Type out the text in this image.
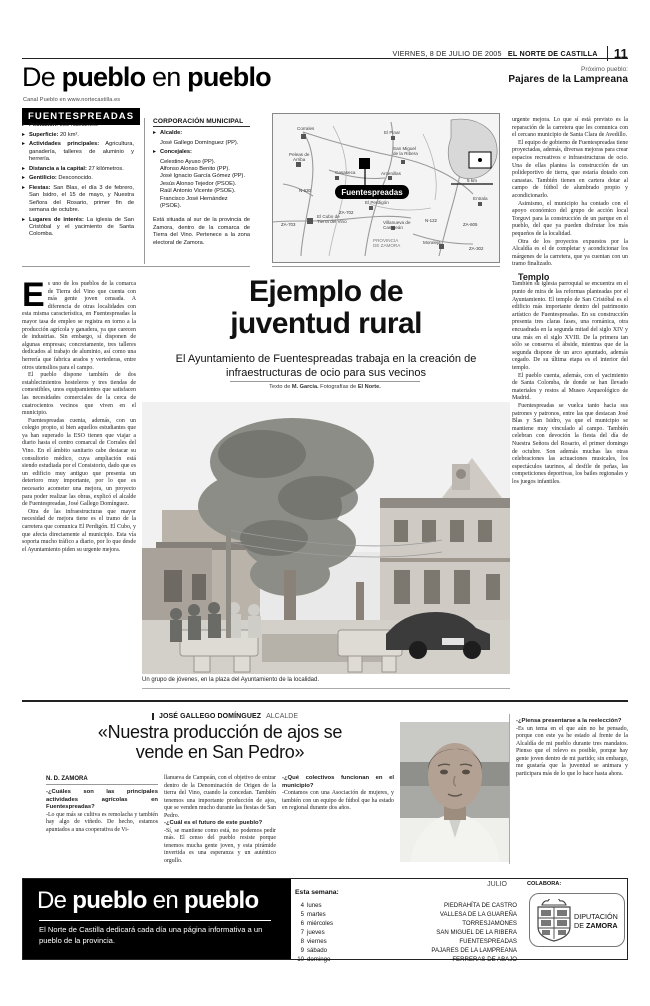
VIERNES, 8 DE JULIO DE 2005 EL NORTE DE CASTILLA 11
De pueblo en pueblo
Canal Pueblo en www.nortecastilla.es
Próximo pueblo:
Pajares de la Lampreana
FUENTESPREADAS
▸ Población: 388 habitantes.
▸ Superficie: 20 km².
▸ Actividades principales: Agricultura, ganadería, talleres de aluminio y herrería.
▸ Distancia a la capital: 27 kilómetros.
▸ Gentilicio: Desconocido.
▸ Fiestas: San Blas, el día 3 de febrero, San Isidro, el 15 de mayo, y Nuestra Señora del Rosario, primer fin de semana de octubre.
▸ Lugares de interés: La iglesia de San Cristóbal y el yacimiento de Santa Colomba.
CORPORACIÓN MUNICIPAL
▸ Alcalde:
José Gallego Domínguez (PP).
▸ Concejales:
Celestino Ayuso (PP).
Alfonso Alonso Benito (PP).
José Ignacio García Gómez (PP).
Jesús Alonso Tejedor (PSOE).
Raúl Antonio Vicente (PSOE).
Francisco José Hernández (PSOE).
Está situada al sur de la provincia de Zamora, dentro de la comarca de Tierra del Vino. Pertenece a la zona electoral de Zamora.
Fuentespreadas
Corrales
Peleas de
Arriba
El Pinar
San Miguel
de la Ribera
Arcenillas
Casaseca
El Perdigón
Villanueva de
Campeán
El Cubo de
Tierra del Vino
Moraleja
Entrala
PROVINCIA
DE ZAMORA
N-630
ZA-702
ZA-703
N-122
ZA-605
ZA-302
5 km
Ejemplo de
juventud rural
El Ayuntamiento de Fuentespreadas trabaja en la creación de infraestructuras de ocio para sus vecinos
Texto de M. García. Fotografías de El Norte.
Un grupo de jóvenes, en la plaza del Ayuntamiento de la localidad.

Es uno de los pueblos de la comarca de Tierra del Vino que cuenta con más gente joven censada. A diferencia de otras localidades con esta misma característica, en Fuentespreadas la mayor tasa de empleo se registra en torno a la producción agrícola y ganadera, ya que carecen de industrias. Sin embargo, sí disponen de algunas empresas; concretamente, tres talleres dedicados al trabajo de aluminio, así como una herrería que fabrica arados y vertederas, entre otros utensilios para el campo.

El pueblo dispone también de dos establecimientos hosteleros y tres tiendas de comestibles, unos equipamientos que satisfacen las necesidades comerciales de la cerca de cuatrocientos vecinos que viven en el municipio.

Fuentespreadas cuenta, además, con un colegio propio, si bien aquellos estudiantes que ya han superado la ESO tienen que viajar a diario hasta el centro comarcal de Corrales del Vino. En el ámbito sanitario cabe destacar su consultorio médico, cuya ampliación está siendo estudiada por el Consistorio, dado que es un edificio muy antiguo que presenta un deterioro muy importante, por lo que es necesario acometer una mejora, un proyecto para poder realizar las obras, explicó el alcalde de Fuentespreadas, José Gallego Domínguez.

Otra de las infraestructuras que mayor necesidad de mejora tiene es el tramo de la carretera que comunica El Perdigón. El Cubo, y que afecta directamente al municipio. Esta vía soporta mucho tráfico a diario, por lo que desde el Ayuntamiento piden su urgente mejora.

urgente mejora. Lo que sí está previsto es la reparación de la carretera que les comunica con el cercano municipio de Santa Clara de Avedillo.

El equipo de gobierno de Fuentespreadas tiene proyectadas, además, diversas mejoras para crear espacios recreativos e infraestructuras de ocio. Una de ellas plantea la construcción de un polideportivo de tierra, que estaría dotado con canastas. También tienen en cartera dotar al campo de fútbol de alumbrado propio y acondicionarlo.

Asimismo, el municipio ha contado con el apoyo económico del grupo de acción local Torguvi para la construcción de un parque en el pueblo, del que ya pueden disfrutar los más pequeños de la localidad.

Otra de los proyectos expuestos por la Alcaldía es el de completar y acondicionar los márgenes de la carretera, que ya cuentan con un tramo finalizado.

Templo

También su iglesia parroquial se encuentra en el punto de mira de las reformas planteadas por el Ayuntamiento. El templo de San Cristóbal es el edificio más importante dentro del patrimonio artístico de Fuentespreadas. En su construcción presenta tres claras fases, una románica, otra encuadrada en la segunda mitad del siglo XIV y una más en el siglo XVIII. De la primera tan sólo se conserva el ábside, mientras que de la segunda dispone de un arco apuntado, además cegado. De su última etapa es el interior del templo.

El pueblo cuenta, además, con el yacimiento de Santa Colomba, de donde se han llevado materiales y restos al Museo Arqueológico de Madrid.

Fuentespreadas se vuelca tanto hacia sus patrones y patronos, entre las que destacan José Blas y San Isidro, ya que el municipio se mantiene muy vinculado al campo. También celebran con devoción la fiesta del día de Nuestra Señora del Rosario, el primer domingo de octubre. Son además muchas las otras celebraciones las actuaciones musicales, los espectáculos taurinos, al desfile de peñas, las competiciones deportivas, los bailes regionales y los juegos infantiles.

JOSÉ GALLEGO DOMÍNGUEZ ALCALDE
«Nuestra producción de ajos se
vende en San Pedro»
N. D. ZAMORA

-¿Cuáles son las principales actividades agrícolas en Fuentespreadas?

-Lo que más se cultiva es remolacha y también hay algo de viñedo. De hecho, estamos apuntados a una cooperativa de Vi-

llanueva de Campeán, con el objetivo de entrar dentro de la Denominación de Origen de la tierra del Vino, cuando la concedan. También tenemos una importante producción de ajos, que se venden mucho durante las fiestas de San Pedro.

-¿Cuál es el futuro de este pueblo?

-Sí, se mantiene como está, no podemos pedir más. El censo del pueblo resiste porque tenemos mucha gente joven, y esta pirámide invertida es una esperanza y un auténtico orgullo.

-¿Qué colectivos funcionan en el municipio?

-Contamos con una Asociación de mujeres, y también con un equipo de fútbol que ha estado en regional durante dos años.

-¿Piensa presentarse a la reelección?

-Es un tema en el que aún no he pensado, porque con este ya he estado al frente de la Alcaldía de mi pueblo durante tres mandatos. Pienso que el relevo es posible, porque hay gente joven dentro de mi partido; sin embargo, me gustaría que la juventud se animara y participara más de lo que lo hace hasta ahora.

De pueblo en pueblo
El Norte de Castilla dedicará cada día una página informativa a un pueblo de la provincia.
Esta semana:
JULIO
4	lunes	PIEDRAHÍTA DE CASTRO
5	martes	VALLESA DE LA GUAREÑA
6	miércoles	TORRESJAMONES
7	jueves	SAN MIGUEL DE LA RIBERA
8	viernes	FUENTESPREADAS
9	sábado	PAJARES DE LA LAMPREANA
10	domingo	FERRERAS DE ABAJO
COLABORA:
DIPUTACIÓN
DE ZAMORA
